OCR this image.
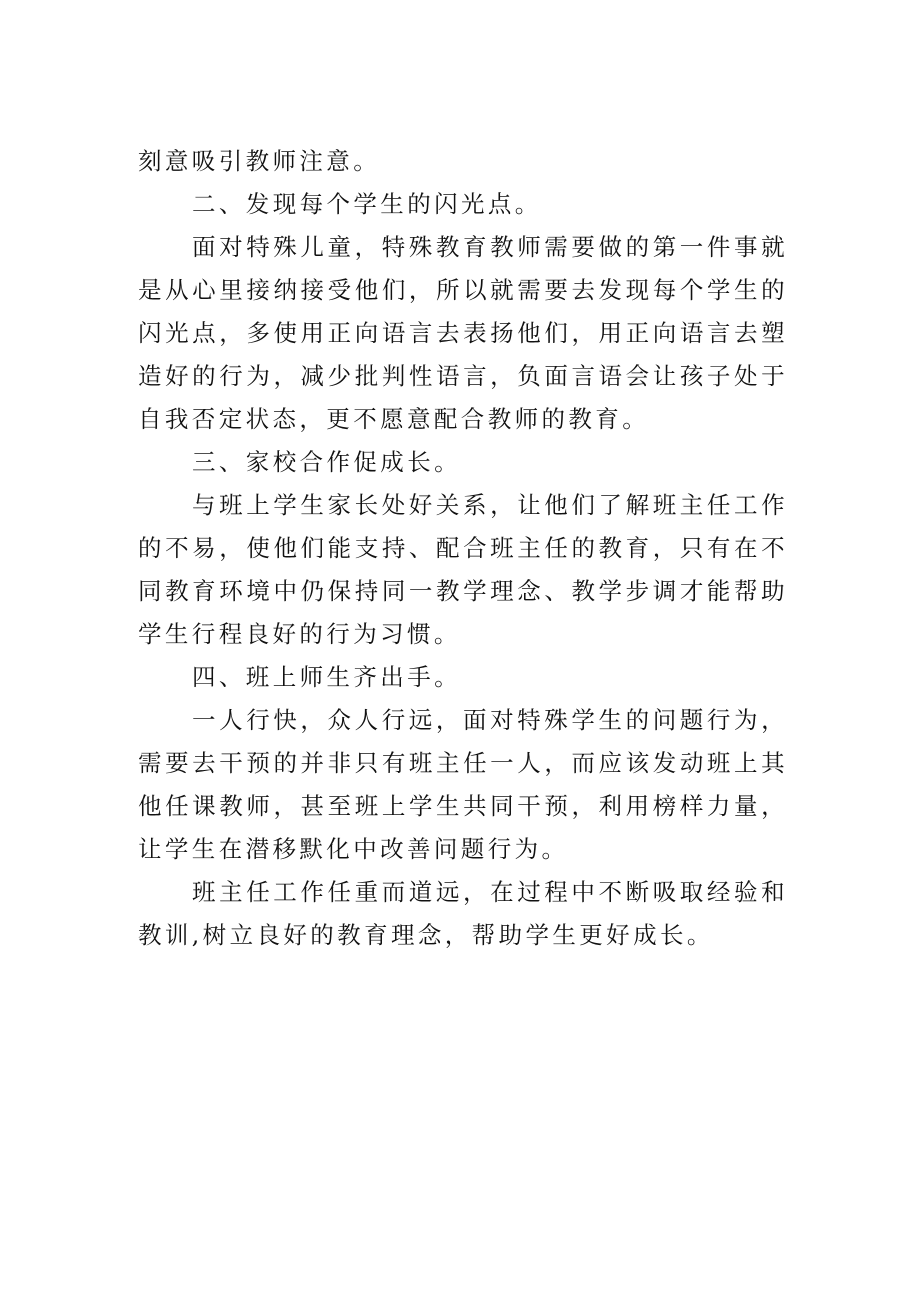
刻意吸引教师注意。

二、发现每个学生的闪光点。

面对特殊儿童，特殊教育教师需要做的第一件事就是从心里接纳接受他们，所以就需要去发现每个学生的闪光点，多使用正向语言去表扬他们，用正向语言去塑造好的行为，减少批判性语言，负面言语会让孩子处于自我否定状态，更不愿意配合教师的教育。

三、家校合作促成长。

与班上学生家长处好关系，让他们了解班主任工作的不易，使他们能支持、配合班主任的教育，只有在不同教育环境中仍保持同一教学理念、教学步调才能帮助学生行程良好的行为习惯。

四、班上师生齐出手。

一人行快，众人行远，面对特殊学生的问题行为，需要去干预的并非只有班主任一人，而应该发动班上其他任课教师，甚至班上学生共同干预，利用榜样力量，让学生在潜移默化中改善问题行为。

班主任工作任重而道远，在过程中不断吸取经验和教训,树立良好的教育理念，帮助学生更好成长。
